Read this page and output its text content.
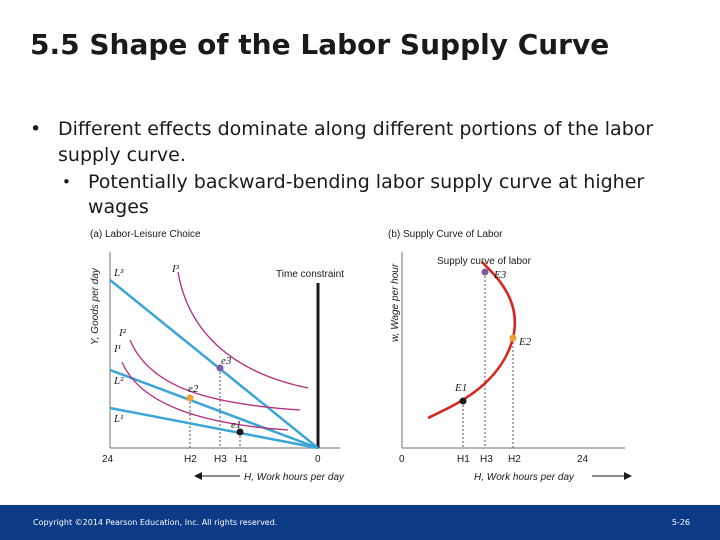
5.5 Shape of the Labor Supply Curve
• Different effects dominate along different portions of the labor supply curve.
• Potentially backward-bending labor supply curve at higher wages
(a) Labor-Leisure Choice
Y, Goods per day	Time constraint
L³
L²
L¹
I³
I²
I¹
e3
e2
e1
24	H2 H3 H1	0
H, Work hours per day
(b) Supply Curve of Labor
w, Wage per hour
Supply curve of labor
E3
E2
E1
0	H1 H3 H2	24
H, Work hours per day
Copyright ©2014 Pearson Education, Inc. All rights reserved.	5-26
